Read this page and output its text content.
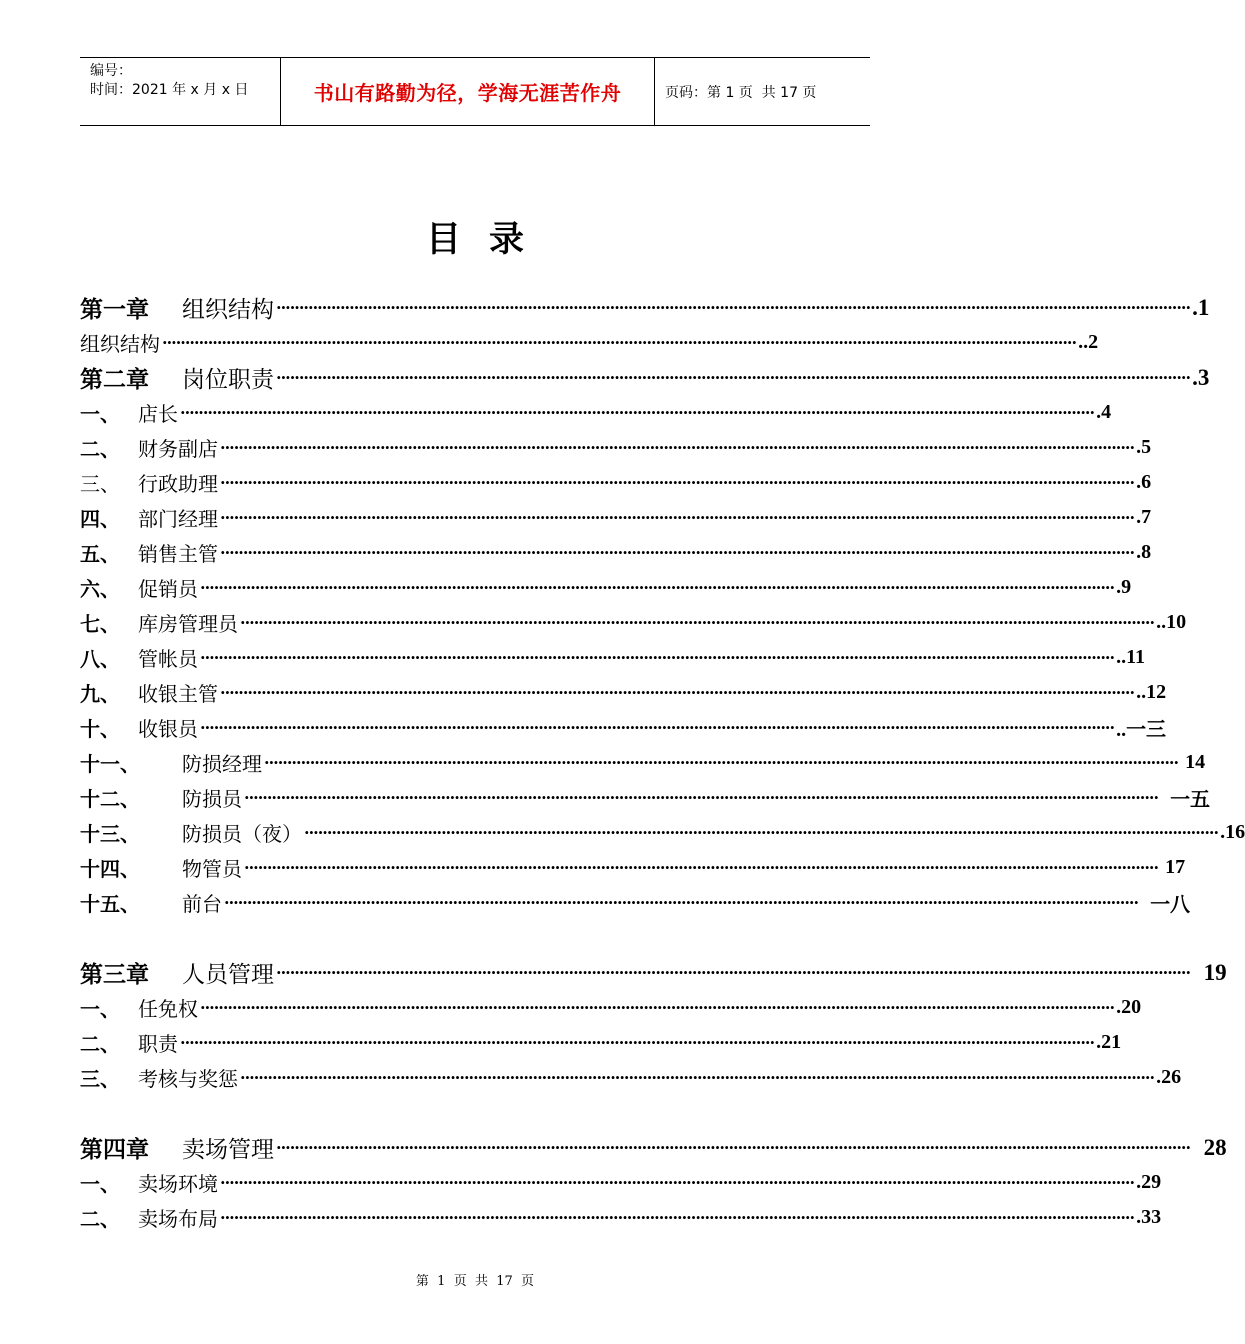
编号：
时间：2021 年 x 月 x 日	书山有路勤为径，学海无涯苦作舟	页码：第 1 页  共 17 页
目录
第一章	组织结构 ········································································································································································································ .1
组织结构 ········································································································································································································ ..2
第二章	岗位职责 ········································································································································································································ .3
一、 店长 ········································································································································································································ .4
二、 财务副店 ········································································································································································································ .5
三、 行政助理 ········································································································································································································ .6
四、 部门经理 ········································································································································································································ .7
五、 销售主管 ········································································································································································································ .8
六、 促销员 ········································································································································································································ .9
七、 库房管理员 ········································································································································································································ ..10
八、 管帐员 ········································································································································································································ ..11
九、 收银主管 ········································································································································································································ ..12
十、 收银员 ········································································································································································································ ..一三
十一、	防损经理 ········································································································································································································ 14
十二、	防损员 ········································································································································································································ 一五
十三、	防损员（夜） ········································································································································································································ .16
十四、	物管员 ········································································································································································································ 17
十五、	前台 ········································································································································································································ 一八
第三章	人员管理 ········································································································································································································ 19
一、 任免权 ········································································································································································································ .20
二、 职责 ········································································································································································································ .21
三、 考核与奖惩 ········································································································································································································ .26
第四章	卖场管理 ········································································································································································································ 28
一、 卖场环境 ········································································································································································································ .29
二、 卖场布局 ········································································································································································································ .33
第  1  页  共  17  页
